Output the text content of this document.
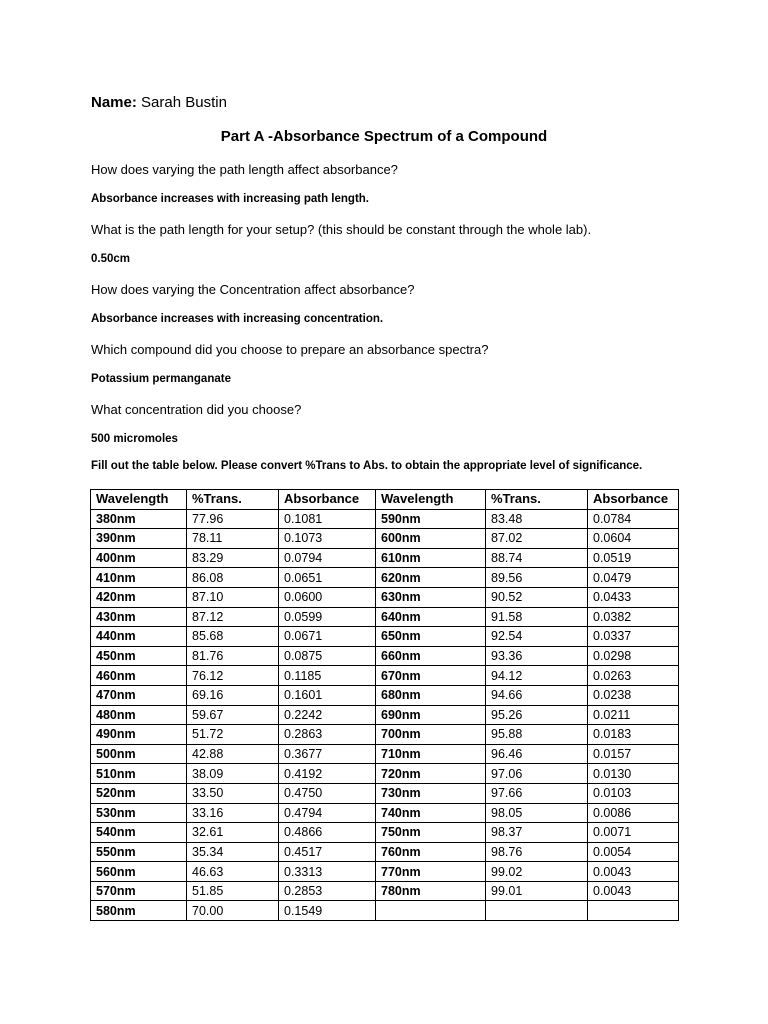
Name: Sarah Bustin
Part A -Absorbance Spectrum of a Compound
How does varying the path length affect absorbance?
Absorbance increases with increasing path length.
What is the path length for your setup? (this should be constant through the whole lab).
0.50cm
How does varying the Concentration affect absorbance?
Absorbance increases with increasing concentration.
Which compound did you choose to prepare an absorbance spectra?
Potassium permanganate
What concentration did you choose?
500 micromoles
Fill out the table below. Please convert %Trans to Abs. to obtain the appropriate level of significance.
Wavelength	%Trans.	Absorbance	Wavelength	%Trans.	Absorbance
380nm	77.96	0.1081	590nm	83.48	0.0784
390nm	78.11	0.1073	600nm	87.02	0.0604
400nm	83.29	0.0794	610nm	88.74	0.0519
410nm	86.08	0.0651	620nm	89.56	0.0479
420nm	87.10	0.0600	630nm	90.52	0.0433
430nm	87.12	0.0599	640nm	91.58	0.0382
440nm	85.68	0.0671	650nm	92.54	0.0337
450nm	81.76	0.0875	660nm	93.36	0.0298
460nm	76.12	0.1185	670nm	94.12	0.0263
470nm	69.16	0.1601	680nm	94.66	0.0238
480nm	59.67	0.2242	690nm	95.26	0.0211
490nm	51.72	0.2863	700nm	95.88	0.0183
500nm	42.88	0.3677	710nm	96.46	0.0157
510nm	38.09	0.4192	720nm	97.06	0.0130
520nm	33.50	0.4750	730nm	97.66	0.0103
530nm	33.16	0.4794	740nm	98.05	0.0086
540nm	32.61	0.4866	750nm	98.37	0.0071
550nm	35.34	0.4517	760nm	98.76	0.0054
560nm	46.63	0.3313	770nm	99.02	0.0043
570nm	51.85	0.2853	780nm	99.01	0.0043
580nm	70.00	0.1549			
